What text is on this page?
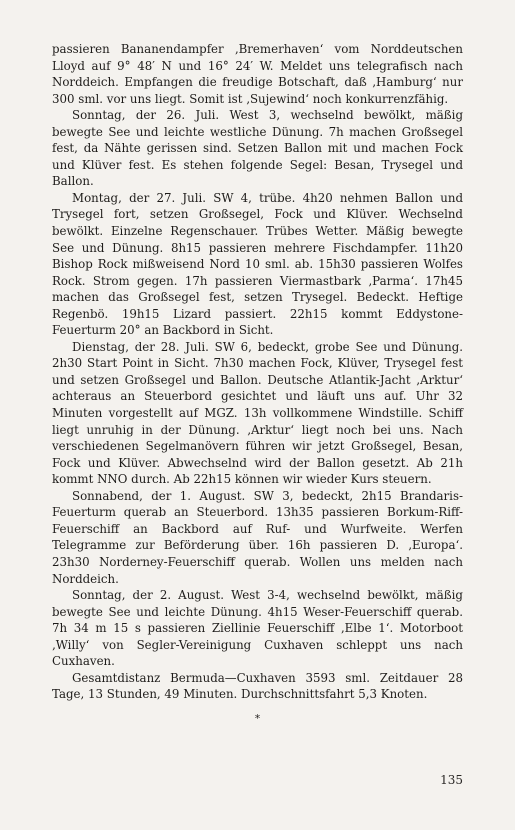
passieren Bananendampfer ‚Bremerhaven‘ vom Norddeutschen Lloyd auf 9° 48′ N und 16° 24′ W. Meldet uns telegrafisch nach Norddeich. Empfangen die freudige Botschaft, daß ‚Hamburg‘ nur 300 sml. vor uns liegt. Somit ist ‚Sujewind‘ noch konkurrenzfähig.

Sonntag, der 26. Juli. West 3, wechselnd bewölkt, mäßig bewegte See und leichte westliche Dünung. 7h machen Großsegel fest, da Nähte gerissen sind. Setzen Ballon mit und machen Fock und Klüver fest. Es stehen folgende Segel: Besan, Trysegel und Ballon.

Montag, der 27. Juli. SW 4, trübe. 4h20 nehmen Ballon und Trysegel fort, setzen Großsegel, Fock und Klüver. Wechselnd bewölkt. Einzelne Regenschauer. Trübes Wetter. Mäßig bewegte See und Dünung. 8h15 passieren mehrere Fischdampfer. 11h20 Bishop Rock mißweisend Nord 10 sml. ab. 15h30 passieren Wolfes Rock. Strom gegen. 17h passieren Viermastbark ‚Parma‘. 17h45 machen das Großsegel fest, setzen Trysegel. Bedeckt. Heftige Regenbö. 19h15 Lizard passiert. 22h15 kommt Eddystone-Feuerturm 20° an Backbord in Sicht.

Dienstag, der 28. Juli. SW 6, bedeckt, grobe See und Dünung. 2h30 Start Point in Sicht. 7h30 machen Fock, Klüver, Trysegel fest und setzen Großsegel und Ballon. Deutsche Atlantik-Jacht ‚Arktur‘ achteraus an Steuerbord gesichtet und läuft uns auf. Uhr 32 Minuten vorgestellt auf MGZ. 13h vollkommene Windstille. Schiff liegt unruhig in der Dünung. ‚Arktur‘ liegt noch bei uns. Nach verschiedenen Segelmanövern führen wir jetzt Großsegel, Besan, Fock und Klüver. Abwechselnd wird der Ballon gesetzt. Ab 21h kommt NNO durch. Ab 22h15 können wir wieder Kurs steuern.

Sonnabend, der 1. August. SW 3, bedeckt, 2h15 Brandaris-Feuerturm querab an Steuerbord. 13h35 passieren Borkum-Riff-Feuerschiff an Backbord auf Ruf- und Wurfweite. Werfen Telegramme zur Beförderung über. 16h passieren D. ‚Europa‘. 23h30 Norderney-Feuerschiff querab. Wollen uns melden nach Norddeich.

Sonntag, der 2. August. West 3-4, wechselnd bewölkt, mäßig bewegte See und leichte Dünung. 4h15 Weser-Feuerschiff querab. 7h 34 m 15 s passieren Ziellinie Feuerschiff ‚Elbe 1‘. Motorboot ‚Willy‘ von Segler-Vereinigung Cuxhaven schleppt uns nach Cuxhaven.

Gesamtdistanz Bermuda—Cuxhaven 3593 sml. Zeitdauer 28 Tage, 13 Stunden, 49 Minuten. Durchschnittsfahrt 5,3 Knoten.

*
135
